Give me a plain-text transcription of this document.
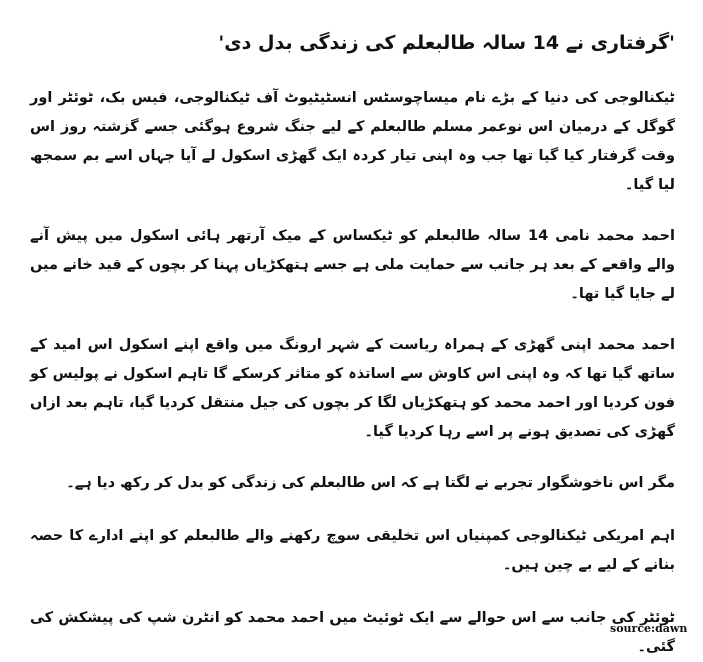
'گرفتاری نے 14 سالہ طالبعلم کی زندگی بدل دی'

ٹیکنالوجی کی دنیا کے بڑے نام میساچوسٹس انسٹیٹیوٹ آف ٹیکنالوجی، فیس بک، ٹوئٹر اور گوگل کے درمیان اس نوعمر مسلم طالبعلم کے لیے جنگ شروع ہوگئی جسے گزشتہ روز اس وقت گرفتار کیا گیا تھا جب وہ اپنی تیار کردہ ایک گھڑی اسکول لے آیا جہاں اسے بم سمجھ لیا گیا۔

احمد محمد نامی 14 سالہ طالبعلم کو ٹیکساس کے میک آرتھر ہائی اسکول میں پیش آنے والے واقعے کے بعد ہر جانب سے حمایت ملی ہے جسے ہتھکڑیاں پہنا کر بچوں کے قید خانے میں لے جایا گیا تھا۔

احمد محمد اپنی گھڑی کے ہمراہ ریاست کے شہر ارونگ میں واقع اپنے اسکول اس امید کے ساتھ گیا تھا کہ وہ اپنی اس کاوش سے اساتذہ کو متاثر کرسکے گا تاہم اسکول نے پولیس کو فون کردیا اور احمد محمد کو ہتھکڑیاں لگا کر بچوں کی جیل منتقل کردیا گیا، تاہم بعد ازاں گھڑی کی تصدیق ہونے پر اسے رہا کردیا گیا۔

مگر اس ناخوشگوار تجربے نے لگتا ہے کہ اس طالبعلم کی زندگی کو بدل کر رکھ دیا ہے۔

اہم امریکی ٹیکنالوجی کمپنیاں اس تخلیقی سوچ رکھنے والے طالبعلم کو اپنے ادارے کا حصہ بنانے کے لیے بے چین ہیں۔

ٹوئٹر کی جانب سے اس حوالے سے ایک ٹوئیٹ میں احمد محمد کو انٹرن شپ کی پیشکش کی گئی۔

source:dawn
